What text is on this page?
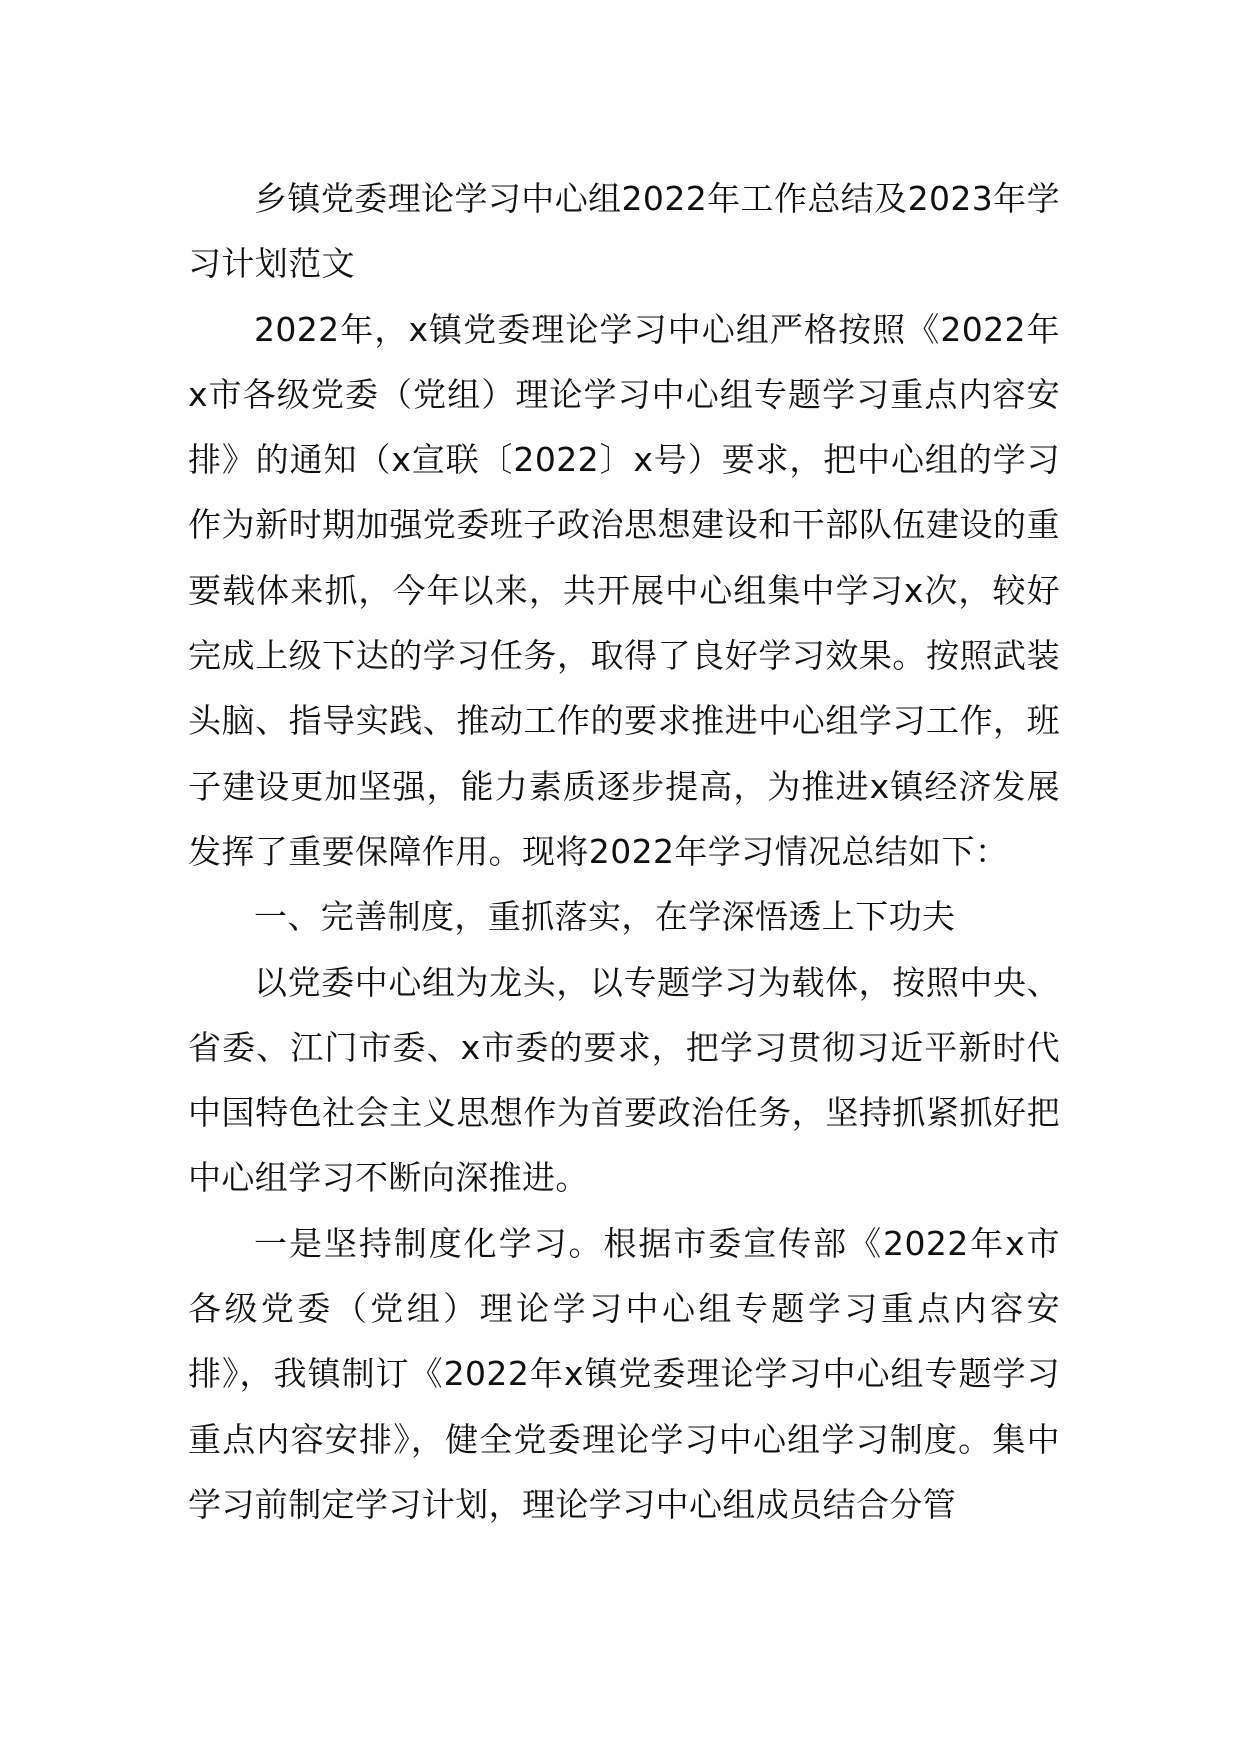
乡镇党委理论学习中心组2022年工作总结及2023年学习计划范文

2022年，x镇党委理论学习中心组严格按照《2022年x市各级党委（党组）理论学习中心组专题学习重点内容安排》的通知（x宣联〔2022〕x号）要求，把中心组的学习作为新时期加强党委班子政治思想建设和干部队伍建设的重要载体来抓，今年以来，共开展中心组集中学习x次，较好完成上级下达的学习任务，取得了良好学习效果。按照武装头脑、指导实践、推动工作的要求推进中心组学习工作，班子建设更加坚强，能力素质逐步提高，为推进x镇经济发展发挥了重要保障作用。现将2022年学习情况总结如下：

一、完善制度，重抓落实，在学深悟透上下功夫

以党委中心组为龙头，以专题学习为载体，按照中央、省委、江门市委、x市委的要求，把学习贯彻习近平新时代中国特色社会主义思想作为首要政治任务，坚持抓紧抓好把中心组学习不断向深推进。

一是坚持制度化学习。根据市委宣传部《2022年x市各级党委（党组）理论学习中心组专题学习重点内容安排》，我镇制订《2022年x镇党委理论学习中心组专题学习重点内容安排》，健全党委理论学习中心组学习制度。集中学习前制定学习计划，理论学习中心组成员结合分管
